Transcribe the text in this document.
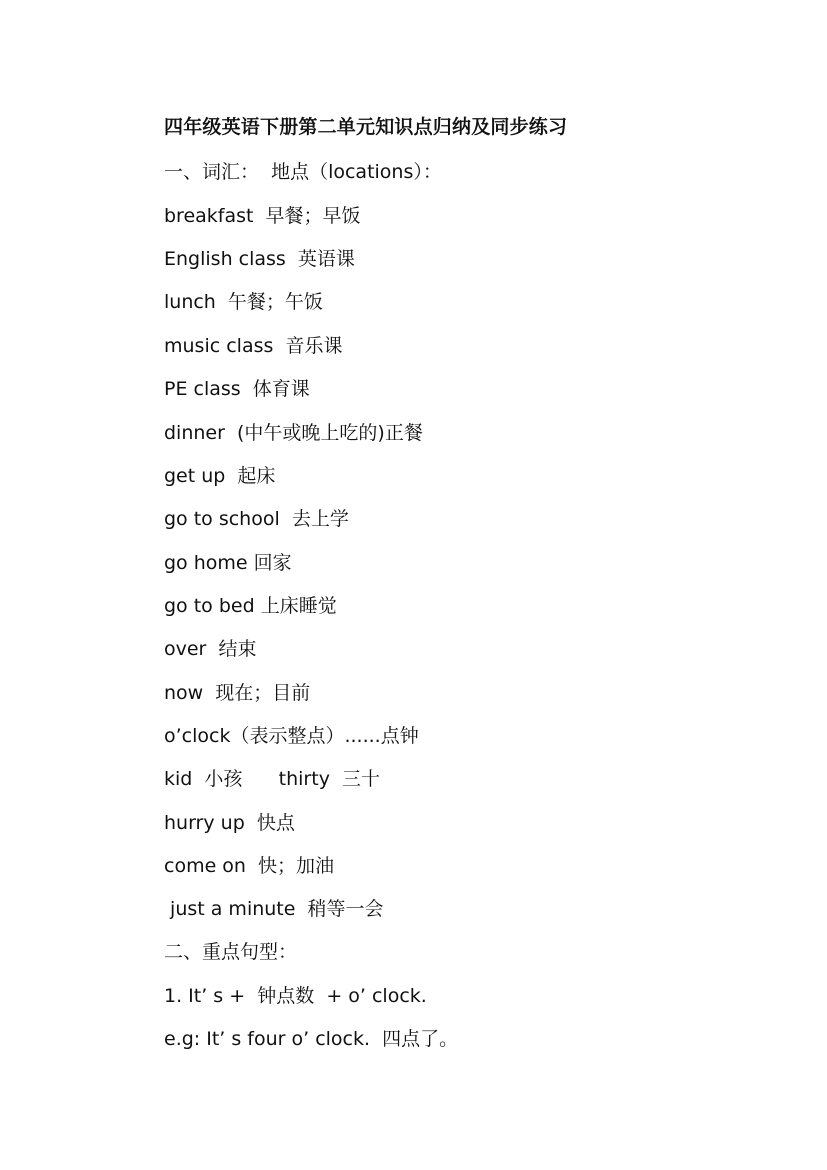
四年级英语下册第二单元知识点归纳及同步练习
一、词汇：  地点（locations）：
breakfast  早餐；早饭
English class  英语课
lunch  午餐；午饭
music class  音乐课
PE class  体育课
dinner  (中午或晚上吃的)正餐
get up  起床
go to school  去上学
go home 回家
go to bed 上床睡觉
over  结束
now  现在；目前
o’clock（表示整点）......点钟
kid  小孩      thirty  三十
hurry up  快点
come on  快；加油
just a minute  稍等一会
二、重点句型：
1. It’ s +  钟点数  + o’ clock.
e.g: It’ s four o’ clock.  四点了。
